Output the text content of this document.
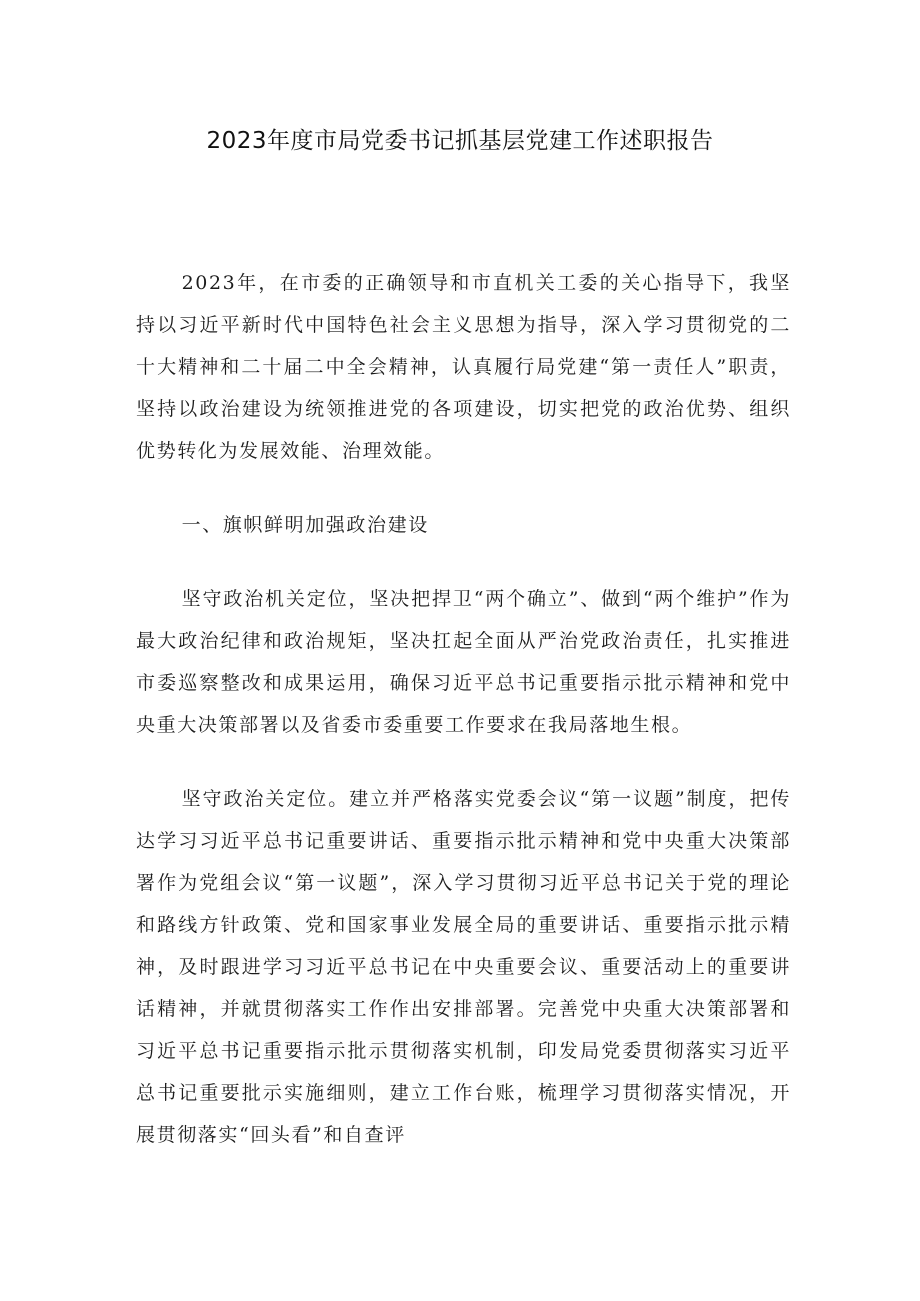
2023年度市局党委书记抓基层党建工作述职报告

2023年，在市委的正确领导和市直机关工委的关心指导下，我坚持以习近平新时代中国特色社会主义思想为指导，深入学习贯彻党的二十大精神和二十届二中全会精神，认真履行局党建“第一责任人”职责，坚持以政治建设为统领推进党的各项建设，切实把党的政治优势、组织优势转化为发展效能、治理效能。

一、旗帜鲜明加强政治建设

坚守政治机关定位，坚决把捍卫“两个确立”、做到“两个维护”作为最大政治纪律和政治规矩，坚决扛起全面从严治党政治责任，扎实推进市委巡察整改和成果运用，确保习近平总书记重要指示批示精神和党中央重大决策部署以及省委市委重要工作要求在我局落地生根。

坚守政治关定位。建立并严格落实党委会议“第一议题”制度，把传达学习习近平总书记重要讲话、重要指示批示精神和党中央重大决策部署作为党组会议“第一议题”，深入学习贯彻习近平总书记关于党的理论和路线方针政策、党和国家事业发展全局的重要讲话、重要指示批示精神，及时跟进学习习近平总书记在中央重要会议、重要活动上的重要讲话精神，并就贯彻落实工作作出安排部署。完善党中央重大决策部署和习近平总书记重要指示批示贯彻落实机制，印发局党委贯彻落实习近平总书记重要批示实施细则，建立工作台账，梳理学习贯彻落实情况，开展贯彻落实“回头看”和自查评
